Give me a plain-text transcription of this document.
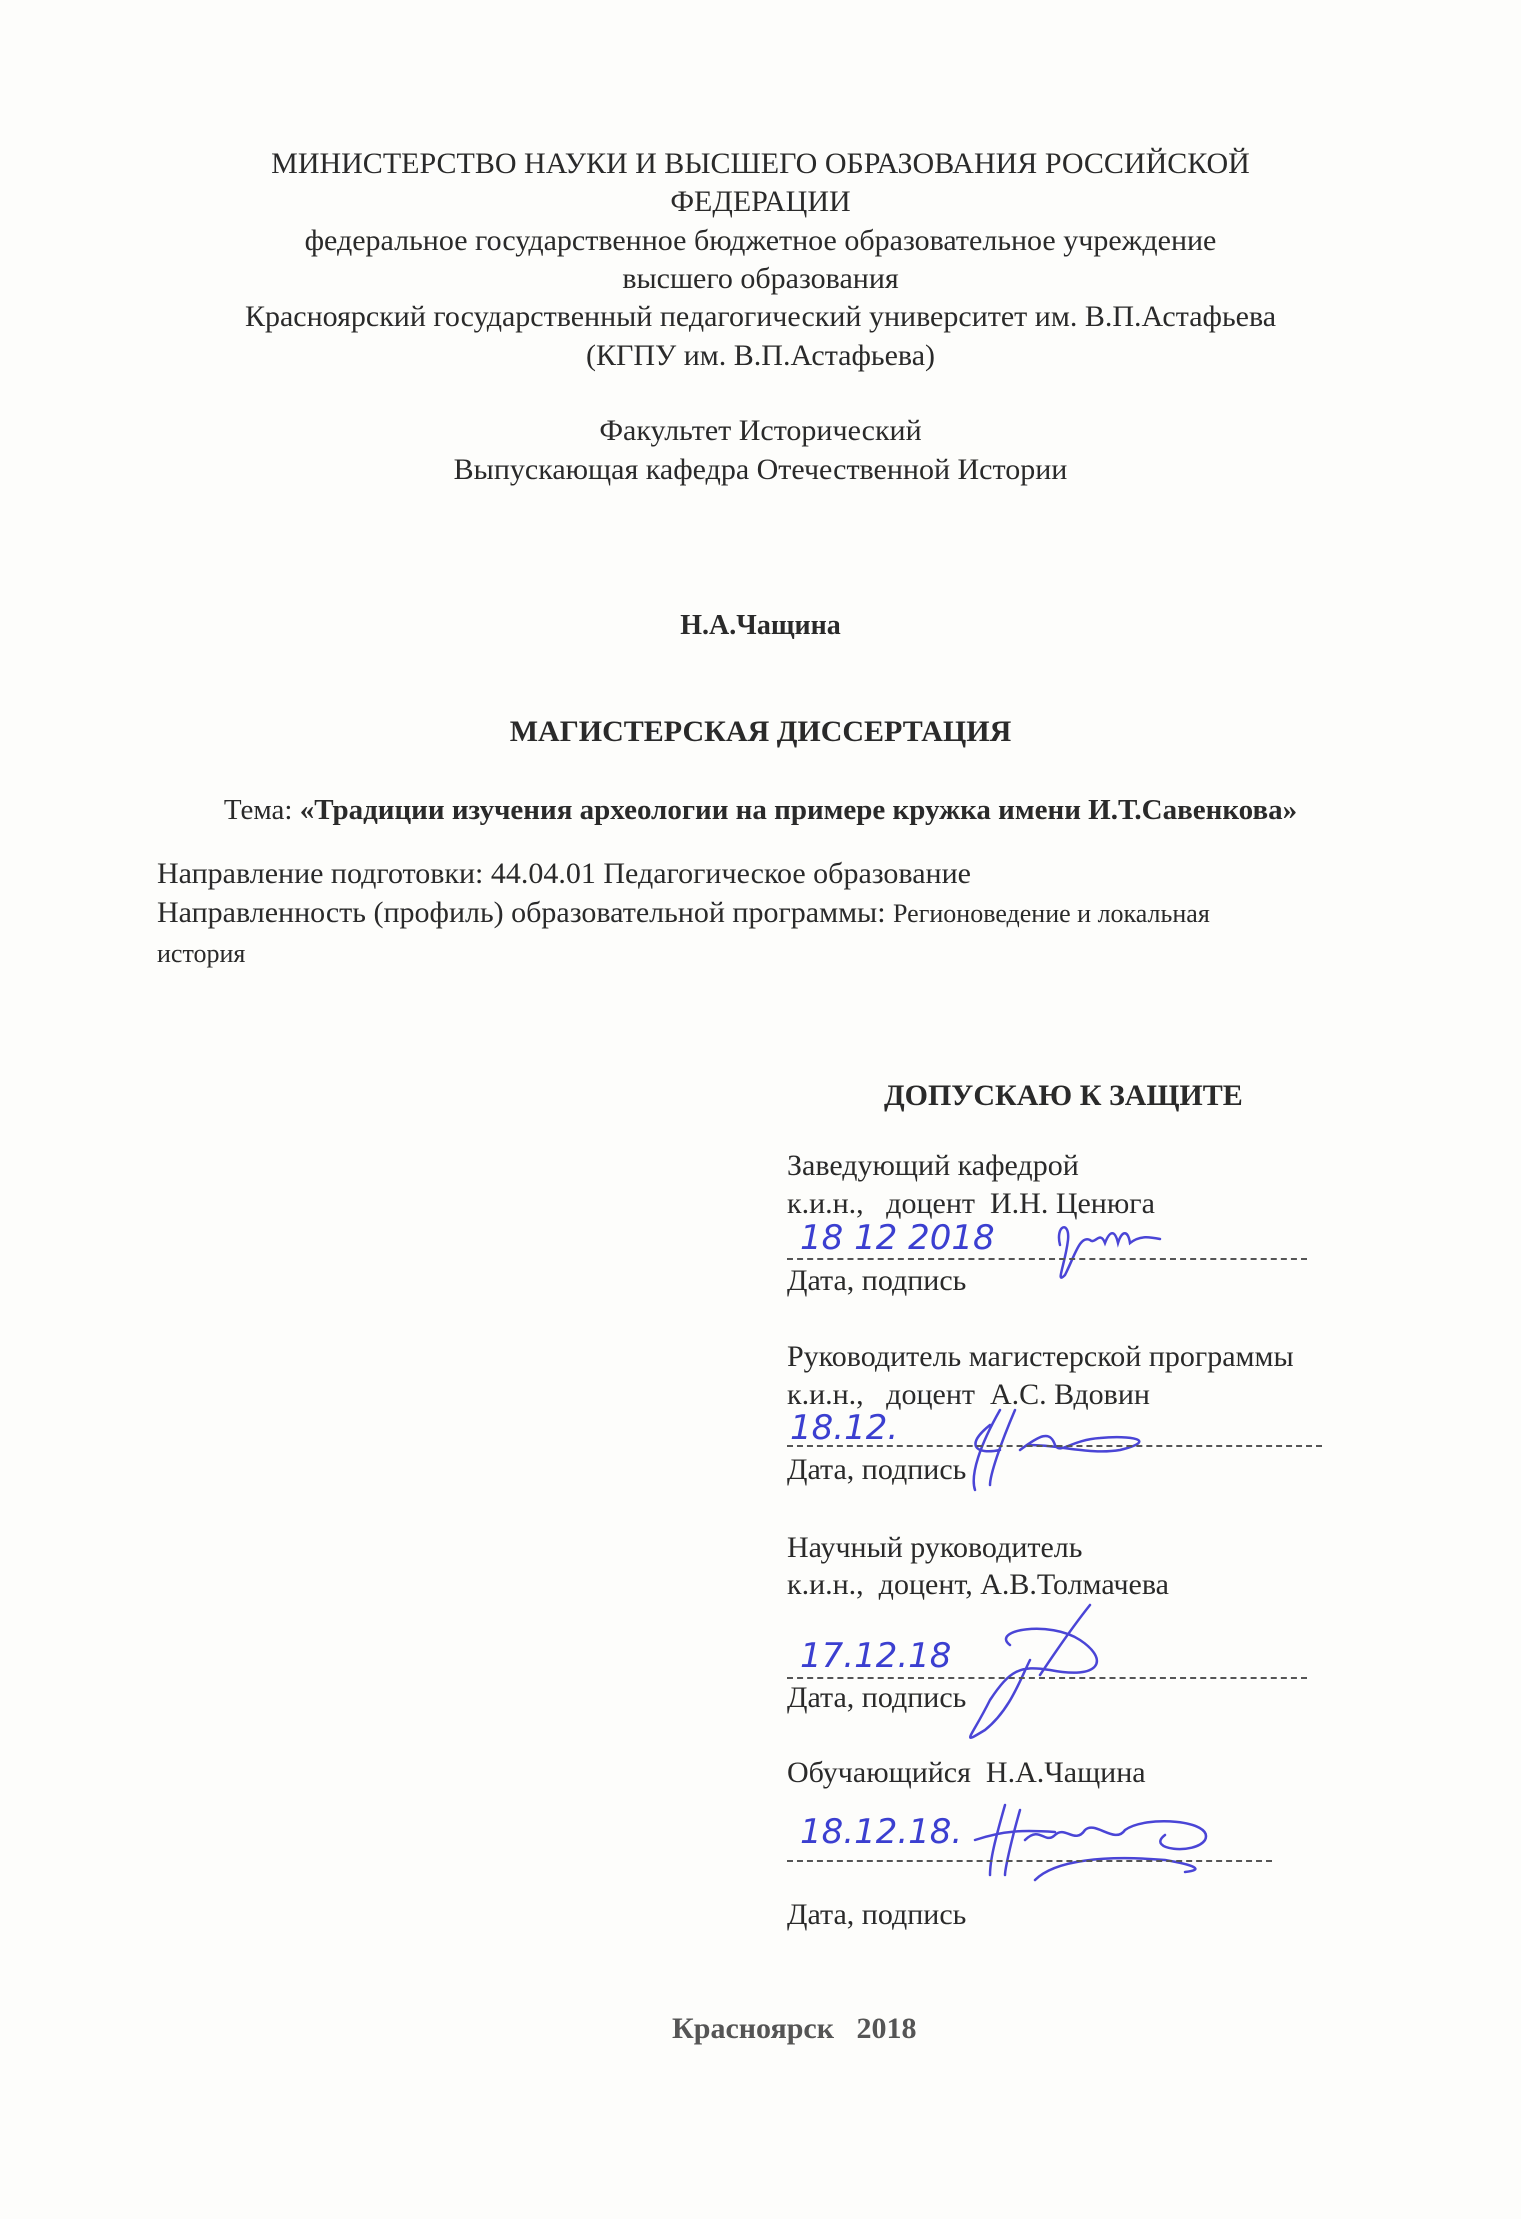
МИНИСТЕРСТВО НАУКИ И ВЫСШЕГО ОБРАЗОВАНИЯ РОССИЙСКОЙ
ФЕДЕРАЦИИ
федеральное государственное бюджетное образовательное учреждение
высшего образования
Красноярский государственный педагогический университет им. В.П.Астафьева
(КГПУ им. В.П.Астафьева)
Факультет Исторический
Выпускающая кафедра Отечественной Истории
Н.А.Чащина
МАГИСТЕРСКАЯ ДИССЕРТАЦИЯ
Тема: «Традиции изучения археологии на примере кружка имени И.Т.Савенкова»
Направление подготовки: 44.04.01 Педагогическое образование
Направленность (профиль) образовательной программы: Регионоведение и локальная
история
ДОПУСКАЮ К ЗАЩИТЕ
Заведующий кафедрой
к.и.н.,   доцент  И.Н. Ценюга
18 12 2018
Дата, подпись
Руководитель магистерской программы
к.и.н.,   доцент  А.С. Вдовин
18.12.
Дата, подпись
Научный руководитель
к.и.н.,  доцент, А.В.Толмачева
17.12.18
Дата, подпись
Обучающийся  Н.А.Чащина
18.12.18.
Дата, подпись
Красноярск   2018
